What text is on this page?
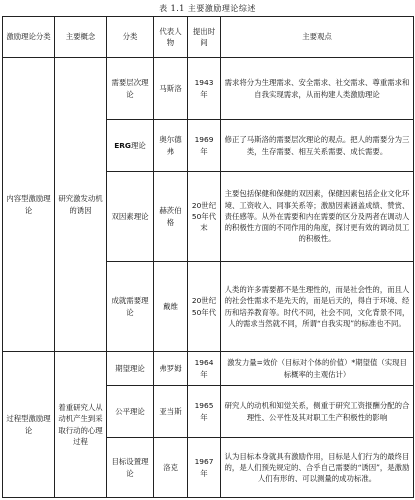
表 1.1 主要激励理论综述
激励理论分类	主要概念	分类	代表人物	提出时间	主要观点
内容型激励理论	研究激发动机的诱因	需要层次理论	马斯洛	1943年	需求将分为生理需求、安全需求、社交需求、尊重需求和自我实现需求，从而构建人类激励理论
		ERG理论	奥尔德弗	1969年	修正了马斯洛的需要层次理论的观点。把人的需要分为三类，生存需要、相互关系需要、成长需要。
		双因素理论	赫茨伯格	20世纪50年代末	主要包括保健和保健的双因素，保健因素包括企业文化环境、工资收入、同事关系等；激励因素涵盖成绩、赞赏、责任感等。从外在需要和内在需要的区分及两者在调动人的积极性方面的不同作用的角度，探讨更有效的调动员工的积极性。
		成就需要理论	戴维	20世纪50年代	人类的许多需要都不是生理性的，而是社会性的，而且人的社会性需求不是先天的，而是后天的，得自于环境、经历和培养教育等。时代不同，社会不同，文化背景不同，人的需求当然就不同，所谓“自我实现”的标准也不同。
过程型激励理论	着重研究人从动机产生到采取行动的心理过程	期望理论	弗罗姆	1964年	激发力量=效价（目标对个体的价值）*期望值（实现目标概率的主观估计）
		公平理论	亚当斯	1965年	研究人的动机和知觉关系，侧重于研究工资报酬分配的合理性、公平性及其对职工生产积极性的影响
		目标设置理论	洛克	1967年	认为目标本身就具有激励作用，目标是人们行为的最终目的，是人们预先规定的、合乎自己需要的“诱因”，是激励人们有形的、可以测量的成功标准。
